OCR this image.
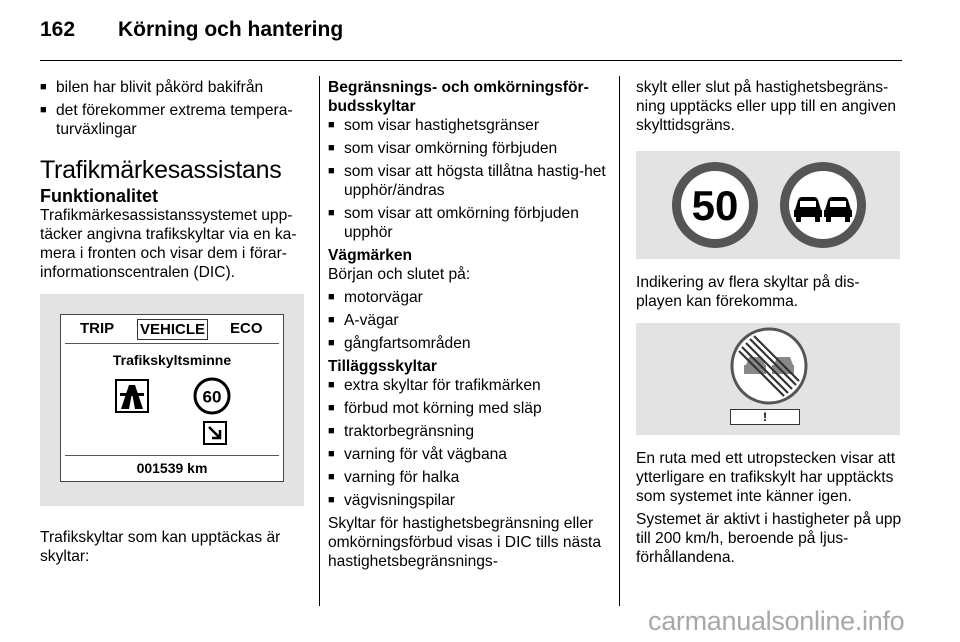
162 Körning och hantering
■ bilen har blivit påkörd bakifrån
■ det förekommer extrema tempera-turväxlingar
Trafikmärkesassistans
Funktionalitet

Trafikmärkesassistanssystemet upp-täcker angivna trafikskyltar via en ka-mera i fronten och visar dem i förar-informationscentralen (DIC).

TRIP VEHICLE ECO
Trafikskyltsminne
60
001539 km

Trafikskyltar som kan upptäckas är skyltar:

Begränsnings- och omkörningsför-budsskyltar
■ som visar hastighetsgränser
■ som visar omkörning förbjuden
■ som visar att högsta tillåtna hastig-het upphör/ändras
■ som visar att omkörning förbjuden upphör
Vägmärken

Början och slutet på:

■ motorvägar
■ A-vägar
■ gångfartsområden
Tilläggsskyltar
■ extra skyltar för trafikmärken
■ förbud mot körning med släp
■ traktorbegränsning
■ varning för våt vägbana
■ varning för halka
■ vägvisningspilar

Skyltar för hastighetsbegränsning eller omkörningsförbud visas i DIC tills nästa hastighetsbegränsnings-

skylt eller slut på hastighetsbegräns-ning upptäcks eller upp till en angiven skylttidsgräns.

50

Indikering av flera skyltar på dis-playen kan förekomma.

!

En ruta med ett utropstecken visar att ytterligare en trafikskylt har upptäckts som systemet inte känner igen.

Systemet är aktivt i hastigheter på upp till 200 km/h, beroende på ljus-förhållandena.

carmanualsonline.info
